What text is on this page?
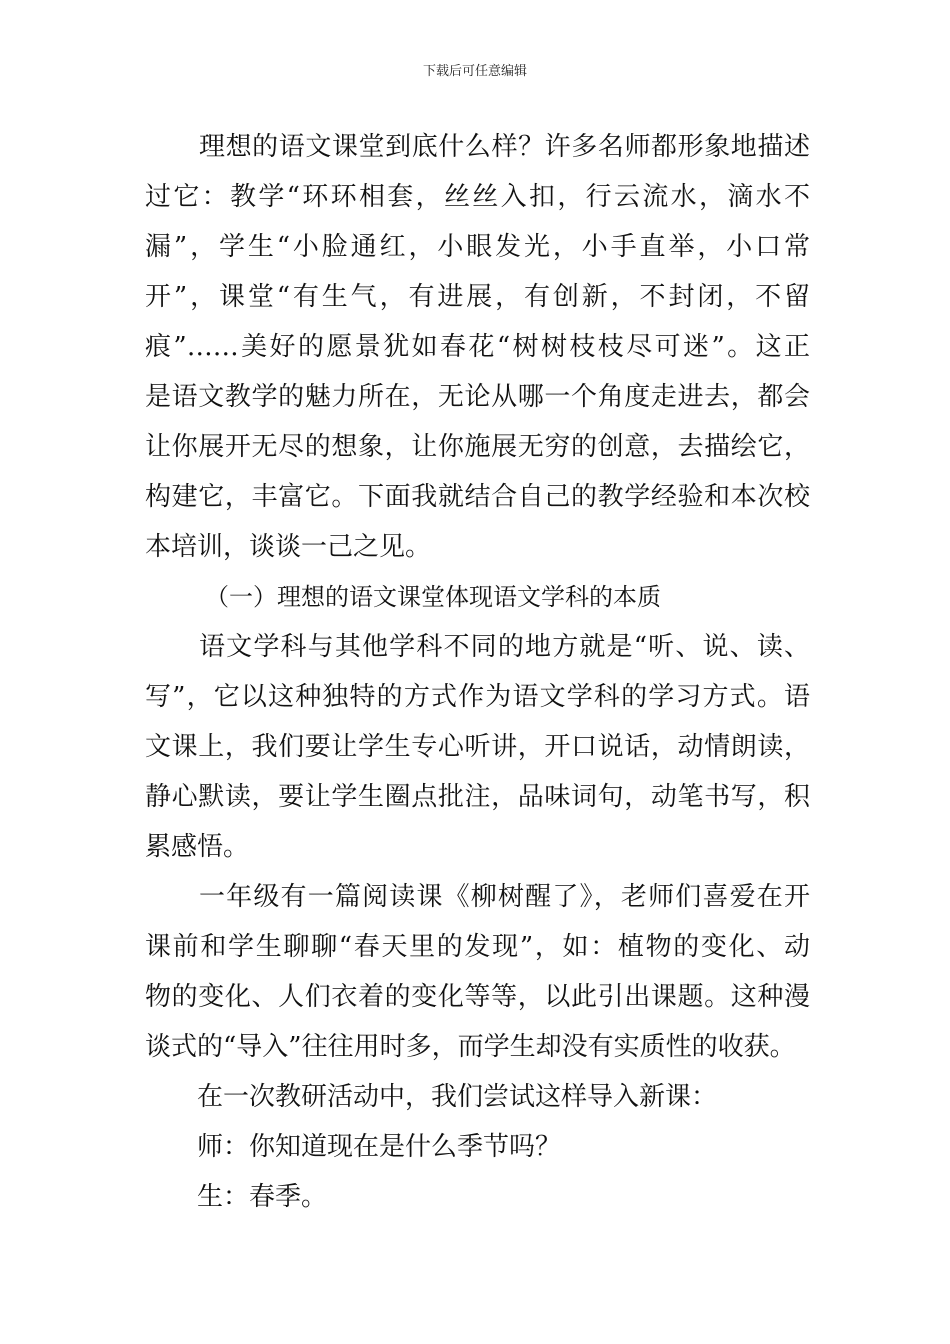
下载后可任意编辑
理想的语文课堂到底什么样？许多名师都形象地描述
过它：教学“环环相套，丝丝入扣，行云流水，滴水不
漏”，学生“小脸通红，小眼发光，小手直举，小口常
开”，课堂“有生气，有进展，有创新，不封闭，不留
痕”……美好的愿景犹如春花“树树枝枝尽可迷”。这正
是语文教学的魅力所在，无论从哪一个角度走进去，都会
让你展开无尽的想象，让你施展无穷的创意，去描绘它，
构建它，丰富它。下面我就结合自己的教学经验和本次校
本培训，谈谈一己之见。
（一）理想的语文课堂体现语文学科的本质
语文学科与其他学科不同的地方就是“听、说、读、
写”，它以这种独特的方式作为语文学科的学习方式。语
文课上，我们要让学生专心听讲，开口说话，动情朗读，
静心默读，要让学生圈点批注，品味词句，动笔书写，积
累感悟。
一年级有一篇阅读课《柳树醒了》，老师们喜爱在开
课前和学生聊聊“春天里的发现”，如：植物的变化、动
物的变化、人们衣着的变化等等，以此引出课题。这种漫
谈式的“导入”往往用时多，而学生却没有实质性的收获。
在一次教研活动中，我们尝试这样导入新课：
师：你知道现在是什么季节吗？
生：春季。
